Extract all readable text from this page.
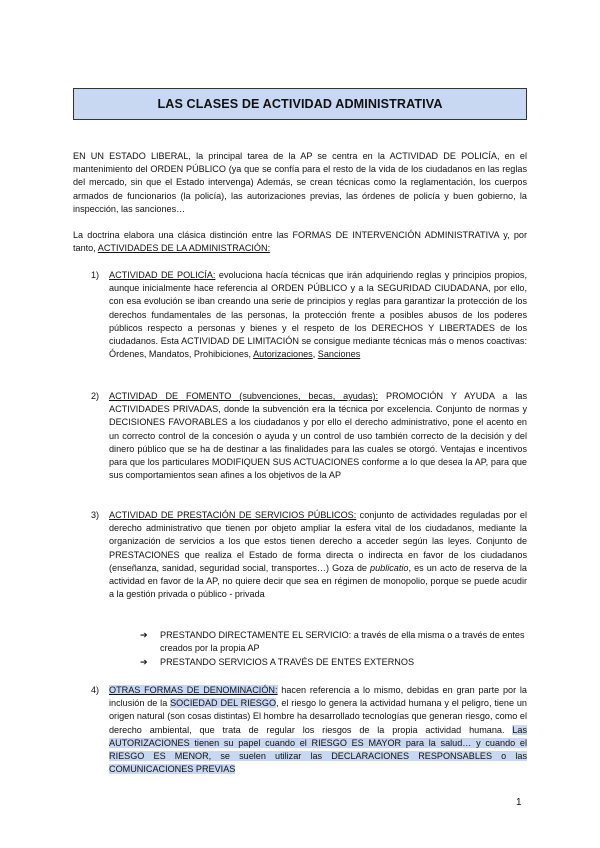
LAS CLASES DE ACTIVIDAD ADMINISTRATIVA

EN UN ESTADO LIBERAL, la principal tarea de la AP se centra en la ACTIVIDAD DE POLICÍA, en el mantenimiento del ORDEN PÚBLICO (ya que se confía para el resto de la vida de los ciudadanos en las reglas del mercado, sin que el Estado intervenga) Además, se crean técnicas como la reglamentación, los cuerpos armados de funcionarios (la policía), las autorizaciones previas, las órdenes de policía y buen gobierno, la inspección, las sanciones…

La doctrina elabora una clásica distinción entre las FORMAS DE INTERVENCIÓN ADMINISTRATIVA y, por tanto, ACTIVIDADES DE LA ADMINISTRACIÓN:

1)	ACTIVIDAD DE POLICÍA: evoluciona hacía técnicas que irán adquiriendo reglas y principios propios, aunque inicialmente hace referencia al ORDEN PÚBLICO y a la SEGURIDAD CIUDADANA, por ello, con esa evolución se iban creando una serie de principios y reglas para garantizar la protección de los derechos fundamentales de las personas, la protección frente a posibles abusos de los poderes públicos respecto a personas y bienes y el respeto de los DERECHOS Y LIBERTADES de los ciudadanos. Esta ACTIVIDAD DE LIMITACIÓN se consigue mediante técnicas más o menos coactivas: Órdenes, Mandatos, Prohibiciones, Autorizaciones, Sanciones
2)	ACTIVIDAD DE FOMENTO (subvenciones, becas, ayudas): PROMOCIÓN Y AYUDA a las ACTIVIDADES PRIVADAS, donde la subvención era la técnica por excelencia. Conjunto de normas y DECISIONES FAVORABLES a los ciudadanos y por ello el derecho administrativo, pone el acento en un correcto control de la concesión o ayuda y un control de uso también correcto de la decisión y del dinero público que se ha de destinar a las finalidades para las cuales se otorgó. Ventajas e incentivos para que los particulares MODIFIQUEN SUS ACTUACIONES conforme a lo que desea la AP, para que sus comportamientos sean afines a los objetivos de la AP
3)	ACTIVIDAD DE PRESTACIÓN DE SERVICIOS PÚBLICOS: conjunto de actividades reguladas por el derecho administrativo que tienen por objeto ampliar la esfera vital de los ciudadanos, mediante la organización de servicios a los que estos tienen derecho a acceder según las leyes. Conjunto de PRESTACIONES que realiza el Estado de forma directa o indirecta en favor de los ciudadanos (enseñanza, sanidad, seguridad social, transportes…) Goza de publicatio, es un acto de reserva de la actividad en favor de la AP, no quiere decir que sea en régimen de monopolio, porque se puede acudir a la gestión privada o público - privada
➔ PRESTANDO DIRECTAMENTE EL SERVICIO: a través de ella misma o a través de entes creados por la propia AP
➔ PRESTANDO SERVICIOS A TRAVÉS DE ENTES EXTERNOS
4)	OTRAS FORMAS DE DENOMINACIÓN: hacen referencia a lo mismo, debidas en gran parte por la inclusión de la SOCIEDAD DEL RIESGO, el riesgo lo genera la actividad humana y el peligro, tiene un origen natural (son cosas distintas) El hombre ha desarrollado tecnologías que generan riesgo, como el derecho ambiental, que trata de regular los riesgos de la propia actividad humana. Las AUTORIZACIONES tienen su papel cuando el RIESGO ES MAYOR para la salud… y cuando el RIESGO ES MENOR, se suelen utilizar las DECLARACIONES RESPONSABLES o las COMUNICACIONES PREVIAS
1
